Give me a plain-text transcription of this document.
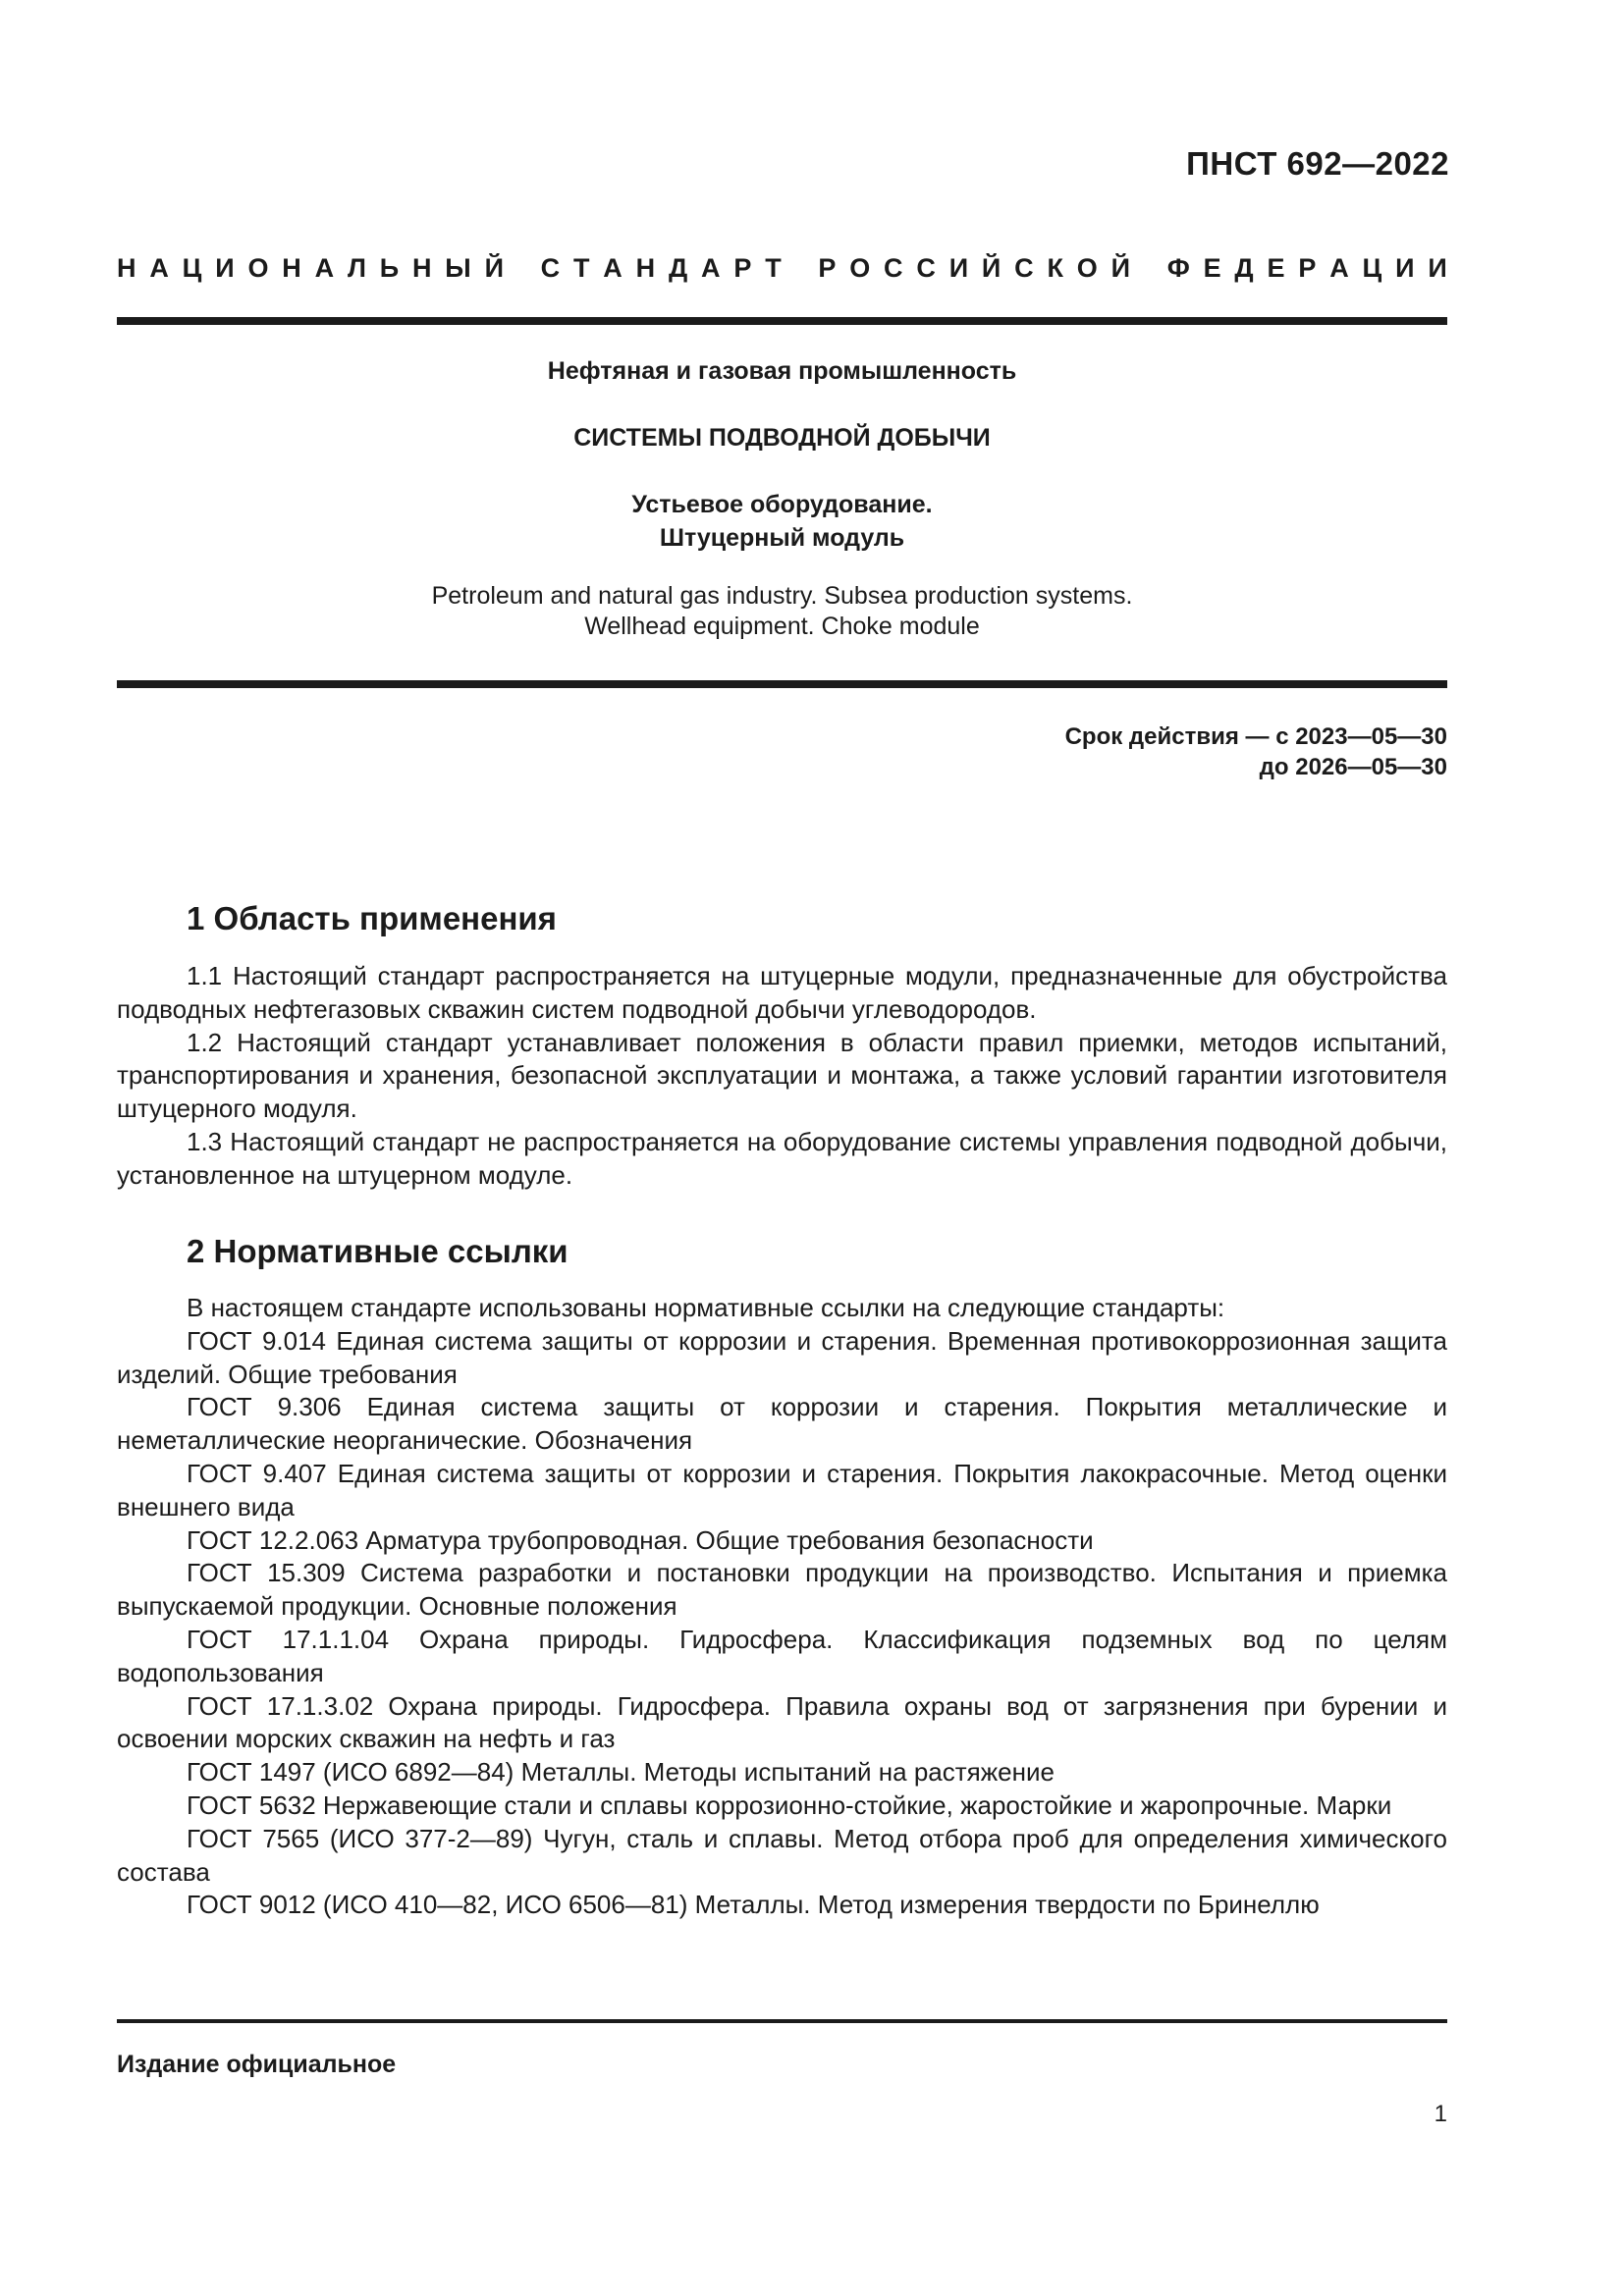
ПНСТ 692—2022
Н А Ц И О Н А Л Ь Н Ы Й
С Т А Н Д А Р Т
Р О С С И Й С К О Й
Ф Е Д Е Р А Ц И И
Нефтяная и газовая промышленность
СИСТЕМЫ ПОДВОДНОЙ ДОБЫЧИ
Устьевое оборудование.
Штуцерный модуль
Petroleum and natural gas industry. Subsea production systems.
Wellhead equipment. Choke module
Срок действия — с 2023—05—30
до 2026—05—30
1 Область применения

1.1 Настоящий стандарт распространяется на штуцерные модули, предназначенные для обустройства подводных нефтегазовых скважин систем подводной добычи углеводородов.

1.2 Настоящий стандарт устанавливает положения в области правил приемки, методов испытаний, транспортирования и хранения, безопасной эксплуатации и монтажа, а также условий гарантии изготовителя штуцерного модуля.

1.3 Настоящий стандарт не распространяется на оборудование системы управления подводной добычи, установленное на штуцерном модуле.

2 Нормативные ссылки

В настоящем стандарте использованы нормативные ссылки на следующие стандарты:

ГОСТ 9.014 Единая система защиты от коррозии и старения. Временная противокоррозионная защита изделий. Общие требования

ГОСТ 9.306 Единая система защиты от коррозии и старения. Покрытия металлические и неметаллические неорганические. Обозначения

ГОСТ 9.407 Единая система защиты от коррозии и старения. Покрытия лакокрасочные. Метод оценки внешнего вида

ГОСТ 12.2.063 Арматура трубопроводная. Общие требования безопасности

ГОСТ 15.309 Система разработки и постановки продукции на производство. Испытания и приемка выпускаемой продукции. Основные положения

ГОСТ 17.1.1.04 Охрана природы. Гидросфера. Классификация подземных вод по целям водопользования

ГОСТ 17.1.3.02 Охрана природы. Гидросфера. Правила охраны вод от загрязнения при бурении и освоении морских скважин на нефть и газ

ГОСТ 1497 (ИСО 6892—84) Металлы. Методы испытаний на растяжение

ГОСТ 5632 Нержавеющие стали и сплавы коррозионно-стойкие, жаростойкие и жаропрочные. Марки

ГОСТ 7565 (ИСО 377-2—89) Чугун, сталь и сплавы. Метод отбора проб для определения химического состава

ГОСТ 9012 (ИСО 410—82, ИСО 6506—81) Металлы. Метод измерения твердости по Бринеллю

Издание официальное
1
